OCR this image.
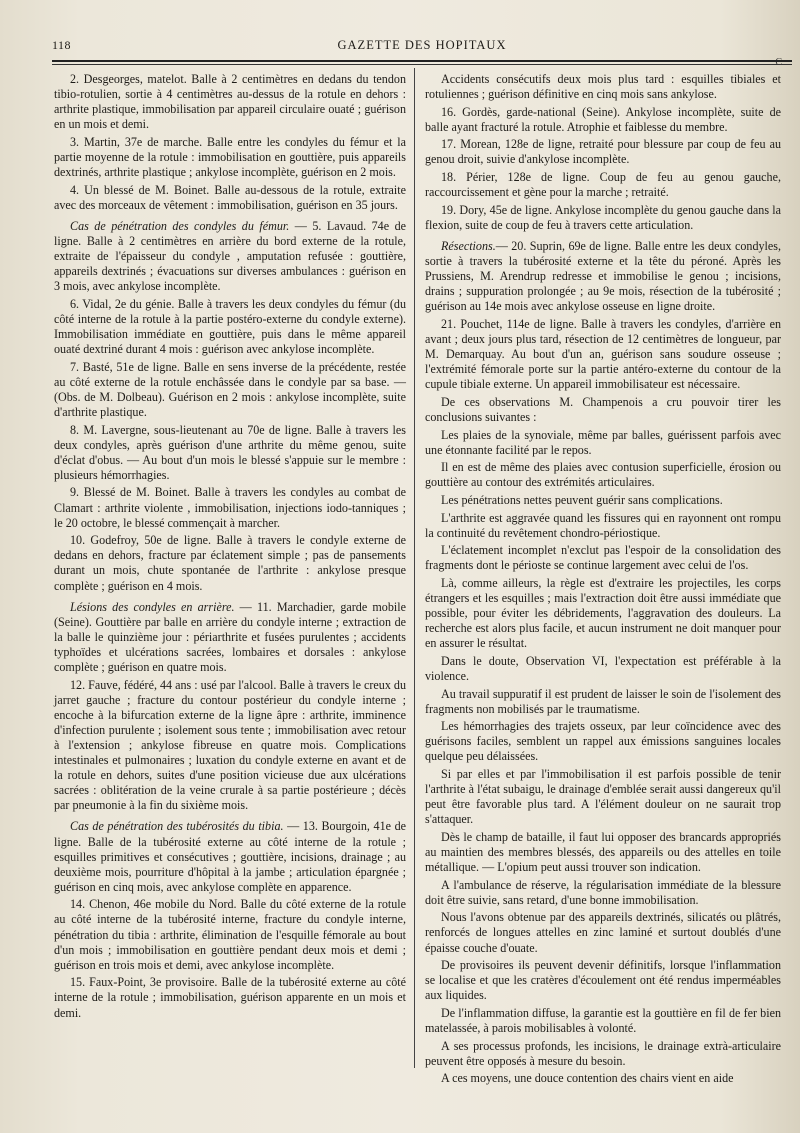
118	GAZETTE DES HOPITAUX
C

2. Desgeorges, matelot. Balle à 2 centimètres en dedans du tendon tibio-rotulien, sortie à 4 centimètres au-dessus de la rotule en dehors : arthrite plastique, immobilisation par appareil circulaire ouaté ; guérison en un mois et demi.

3. Martin, 37e de marche. Balle entre les condyles du fémur et la partie moyenne de la rotule : immobilisation en gouttière, puis appareils dextrinés, arthrite plastique ; ankylose incomplète, guérison en 2 mois.

4. Un blessé de M. Boinet. Balle au-dessous de la rotule, extraite avec des morceaux de vêtement : immobilisation, guérison en 35 jours.

Cas de pénétration des condyles du fémur. — 5. Lavaud. 74e de ligne. Balle à 2 centimètres en arrière du bord externe de la rotule, extraite de l'épaisseur du condyle , amputation refusée : gouttière, appareils dextrinés ; évacuations sur diverses ambulances : guérison en 3 mois, avec ankylose incomplète.

6. Vidal, 2e du génie. Balle à travers les deux condyles du fémur (du côté interne de la rotule à la partie postéro-externe du condyle externe). Immobilisation immédiate en gouttière, puis dans le même appareil ouaté dextriné durant 4 mois : guérison avec ankylose incomplète.

7. Basté, 51e de ligne. Balle en sens inverse de la précédente, restée au côté externe de la rotule enchâssée dans le condyle par sa base. — (Obs. de M. Dolbeau). Guérison en 2 mois : ankylose incomplète, suite d'arthrite plastique.

8. M. Lavergne, sous-lieutenant au 70e de ligne. Balle à travers les deux condyles, après guérison d'une arthrite du même genou, suite d'éclat d'obus. — Au bout d'un mois le blessé s'appuie sur le membre : plusieurs hémorrhagies.

9. Blessé de M. Boinet. Balle à travers les condyles au combat de Clamart : arthrite violente , immobilisation, injections iodo-tanniques ; le 20 octobre, le blessé commençait à marcher.

10. Godefroy, 50e de ligne. Balle à travers le condyle externe de dedans en dehors, fracture par éclatement simple ; pas de pansements durant un mois, chute spontanée de l'arthrite : ankylose presque complète ; guérison en 4 mois.

Lésions des condyles en arrière. — 11. Marchadier, garde mobile (Seine). Gouttière par balle en arrière du condyle interne ; extraction de la balle le quinzième jour : périarthrite et fusées purulentes ; accidents typhoïdes et ulcérations sacrées, lombaires et dorsales : ankylose complète ; guérison en quatre mois.

12. Fauve, fédéré, 44 ans : usé par l'alcool. Balle à travers le creux du jarret gauche ; fracture du contour postérieur du condyle interne ; encoche à la bifurcation externe de la ligne âpre : arthrite, imminence d'infection purulente ; isolement sous tente ; immobilisation avec retour à l'extension ; ankylose fibreuse en quatre mois. Complications intestinales et pulmonaires ; luxation du condyle externe en avant et de la rotule en dehors, suites d'une position vicieuse due aux ulcérations sacrées : oblitération de la veine crurale à sa partie postérieure ; décès par pneumonie à la fin du sixième mois.

Cas de pénétration des tubérosités du tibia. — 13. Bourgoin, 41e de ligne. Balle de la tubérosité externe au côté interne de la rotule ; esquilles primitives et consécutives ; gouttière, incisions, drainage ; au deuxième mois, pourriture d'hôpital à la jambe ; articulation épargnée ; guérison en cinq mois, avec ankylose complète en apparence.

14. Chenon, 46e mobile du Nord. Balle du côté externe de la rotule au côté interne de la tubérosité interne, fracture du condyle interne, pénétration du tibia : arthrite, élimination de l'esquille fémorale au bout d'un mois ; immobilisation en gouttière pendant deux mois et demi ; guérison en trois mois et demi, avec ankylose incomplète.

15. Faux-Point, 3e provisoire. Balle de la tubérosité externe au côté interne de la rotule ; immobilisation, guérison apparente en un mois et demi.

Accidents consécutifs deux mois plus tard : esquilles tibiales et rotuliennes ; guérison définitive en cinq mois sans ankylose.

16. Gordès, garde-national (Seine). Ankylose incomplète, suite de balle ayant fracturé la rotule. Atrophie et faiblesse du membre.

17. Morean, 128e de ligne, retraité pour blessure par coup de feu au genou droit, suivie d'ankylose incomplète.

18. Périer, 128e de ligne. Coup de feu au genou gauche, raccourcissement et gène pour la marche ; retraité.

19. Dory, 45e de ligne. Ankylose incomplète du genou gauche dans la flexion, suite de coup de feu à travers cette articulation.

Résections.— 20. Suprin, 69e de ligne. Balle entre les deux condyles, sortie à travers la tubérosité externe et la tête du péroné. Après les Prussiens, M. Arendrup redresse et immobilise le genou ; incisions, drains ; suppuration prolongée ; au 9e mois, résection de la tubérosité ; guérison au 14e mois avec ankylose osseuse en ligne droite.

21. Pouchet, 114e de ligne. Balle à travers les condyles, d'arrière en avant ; deux jours plus tard, résection de 12 centimètres de longueur, par M. Demarquay. Au bout d'un an, guérison sans soudure osseuse ; l'extrémité fémorale porte sur la partie antéro-externe du contour de la cupule tibiale externe. Un appareil immobilisateur est nécessaire.

De ces observations M. Champenois a cru pouvoir tirer les conclusions suivantes :

Les plaies de la synoviale, même par balles, guérissent parfois avec une étonnante facilité par le repos.

Il en est de même des plaies avec contusion superficielle, érosion ou gouttière au contour des extrémités articulaires.

Les pénétrations nettes peuvent guérir sans complications.

L'arthrite est aggravée quand les fissures qui en rayonnent ont rompu la continuité du revêtement chondro-périostique.

L'éclatement incomplet n'exclut pas l'espoir de la consolidation des fragments dont le périoste se continue largement avec celui de l'os.

Là, comme ailleurs, la règle est d'extraire les projectiles, les corps étrangers et les esquilles ; mais l'extraction doit être aussi immédiate que possible, pour éviter les débridements, l'aggravation des douleurs. La recherche est alors plus facile, et aucun instrument ne doit manquer pour en assurer le résultat.

Dans le doute, Observation VI, l'expectation est préférable à la violence.

Au travail suppuratif il est prudent de laisser le soin de l'isolement des fragments non mobilisés par le traumatisme.

Les hémorrhagies des trajets osseux, par leur coïncidence avec des guérisons faciles, semblent un rappel aux émissions sanguines locales quelque peu délaissées.

Si par elles et par l'immobilisation il est parfois possible de tenir l'arthrite à l'état subaigu, le drainage d'emblée serait aussi dangereux qu'il peut être favorable plus tard. A l'élément douleur on ne saurait trop s'attaquer.

Dès le champ de bataille, il faut lui opposer des brancards appropriés au maintien des membres blessés, des appareils ou des attelles en toile métallique. — L'opium peut aussi trouver son indication.

A l'ambulance de réserve, la régularisation immédiate de la blessure doit être suivie, sans retard, d'une bonne immobilisation.

Nous l'avons obtenue par des appareils dextrinés, silicatés ou plâtrés, renforcés de longues attelles en zinc laminé et surtout doublés d'une épaisse couche d'ouate.

De provisoires ils peuvent devenir définitifs, lorsque l'inflammation se localise et que les cratères d'écoulement ont été rendus imperméables aux liquides.

De l'inflammation diffuse, la garantie est la gouttière en fil de fer bien matelassée, à parois mobilisables à volonté.

A ses processus profonds, les incisions, le drainage extrà-articulaire peuvent être opposés à mesure du besoin.

A ces moyens, une douce contention des chairs vient en aide
